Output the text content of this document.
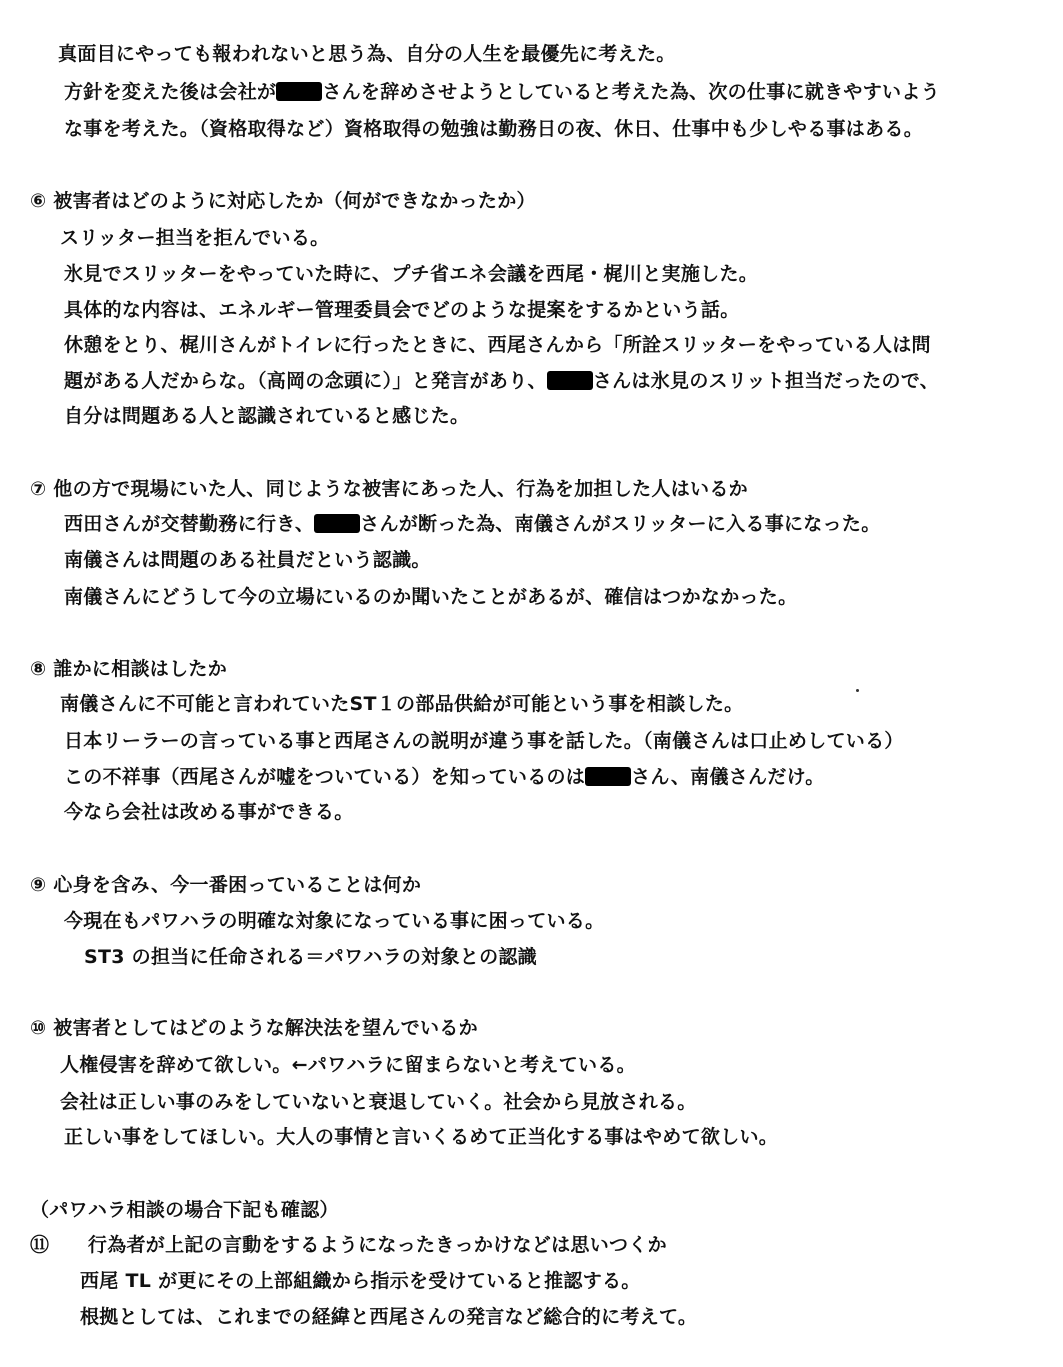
真面目にやっても報われないと思う為、自分の人生を最優先に考えた。
方針を変えた後は会社が さんを辞めさせようとしていると考えた為、次の仕事に就きやすいよう
な事を考えた。（資格取得など）資格取得の勉強は勤務日の夜、休日、仕事中も少しやる事はある。
⑥ 被害者はどのように対応したか（何ができなかったか）
スリッター担当を拒んでいる。
氷見でスリッターをやっていた時に、プチ省エネ会議を西尾・梶川と実施した。
具体的な内容は、エネルギー管理委員会でどのような提案をするかという話。
休憩をとり、梶川さんがトイレに行ったときに、西尾さんから「所詮スリッターをやっている人は問
題がある人だからな。（高岡の念頭に）」と発言があり、 さんは氷見のスリット担当だったので、
自分は問題ある人と認識されていると感じた。
⑦ 他の方で現場にいた人、同じような被害にあった人、行為を加担した人はいるか
西田さんが交替勤務に行き、 さんが断った為、南儀さんがスリッターに入る事になった。
南儀さんは問題のある社員だという認識。
南儀さんにどうして今の立場にいるのか聞いたことがあるが、確信はつかなかった。
⑧ 誰かに相談はしたか
南儀さんに不可能と言われていたST１の部品供給が可能という事を相談した。
日本リーラーの言っている事と西尾さんの説明が違う事を話した。（南儀さんは口止めしている）
この不祥事（西尾さんが嘘をついている）を知っているのは さん、南儀さんだけ。
今なら会社は改める事ができる。
⑨ 心身を含み、今一番困っていることは何か
今現在もパワハラの明確な対象になっている事に困っている。
ST3 の担当に任命される＝パワハラの対象との認識
⑩ 被害者としてはどのような解決法を望んでいるか
人権侵害を辞めて欲しい。←パワハラに留まらないと考えている。
会社は正しい事のみをしていないと衰退していく。社会から見放される。
正しい事をしてほしい。大人の事情と言いくるめて正当化する事はやめて欲しい。
（パワハラ相談の場合下記も確認）
⑪　　行為者が上記の言動をするようになったきっかけなどは思いつくか
西尾 TL が更にその上部組織から指示を受けていると推認する。
根拠としては、これまでの経緯と西尾さんの発言など総合的に考えて。
